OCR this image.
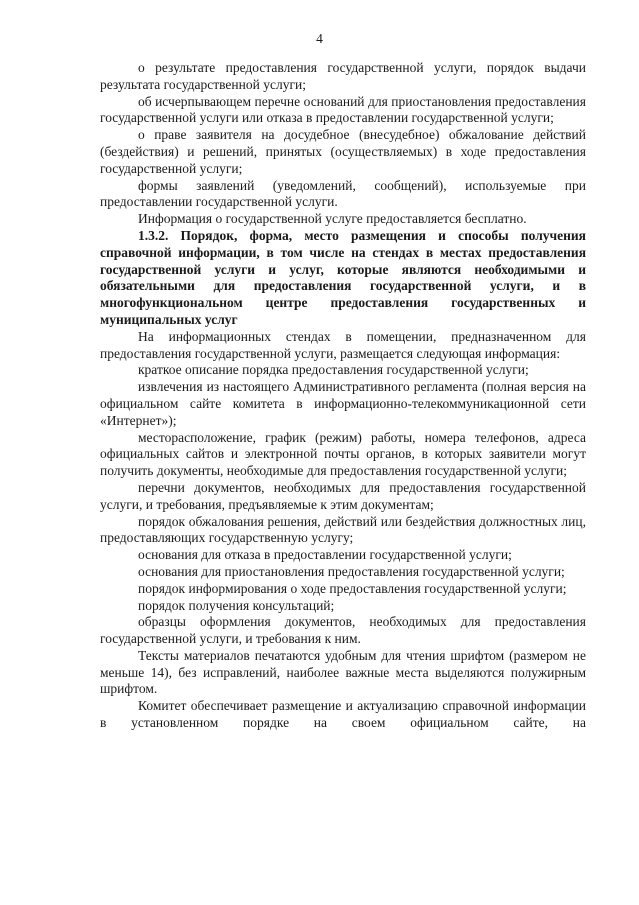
4

о результате предоставления государственной услуги, порядок выдачи результата государственной услуги;

об исчерпывающем перечне оснований для приостановления предоставления государственной услуги или отказа в предоставлении государственной услуги;

о праве заявителя на досудебное (внесудебное) обжалование действий (бездействия) и решений, принятых (осуществляемых) в ходе предоставления государственной услуги;

формы заявлений (уведомлений, сообщений), используемые при предоставлении государственной услуги.

Информация о государственной услуге предоставляется бесплатно.

1.3.2. Порядок, форма, место размещения и способы получения справочной информации, в том числе на стендах в местах предоставления государственной услуги и услуг, которые являются необходимыми и обязательными для предоставления государственной услуги, и в многофункциональном центре предоставления государственных и муниципальных услуг

На информационных стендах в помещении, предназначенном для предоставления государственной услуги, размещается следующая информация:

краткое описание порядка предоставления государственной услуги;

извлечения из настоящего Административного регламента (полная версия на официальном сайте комитета в информационно-телекоммуникационной сети «Интернет»);

месторасположение, график (режим) работы, номера телефонов, адреса официальных сайтов и электронной почты органов, в которых заявители могут получить документы, необходимые для предоставления государственной услуги;

перечни документов, необходимых для предоставления государственной услуги, и требования, предъявляемые к этим документам;

порядок обжалования решения, действий или бездействия должностных лиц, предоставляющих государственную услугу;

основания для отказа в предоставлении государственной услуги;

основания для приостановления предоставления государственной услуги;

порядок информирования о ходе предоставления государственной услуги;

порядок получения консультаций;

образцы оформления документов, необходимых для предоставления государственной услуги, и требования к ним.

Тексты материалов печатаются удобным для чтения шрифтом (размером не меньше 14), без исправлений, наиболее важные места выделяются полужирным шрифтом.

Комитет обеспечивает размещение и актуализацию справочной информации в установленном порядке на своем официальном сайте, на
